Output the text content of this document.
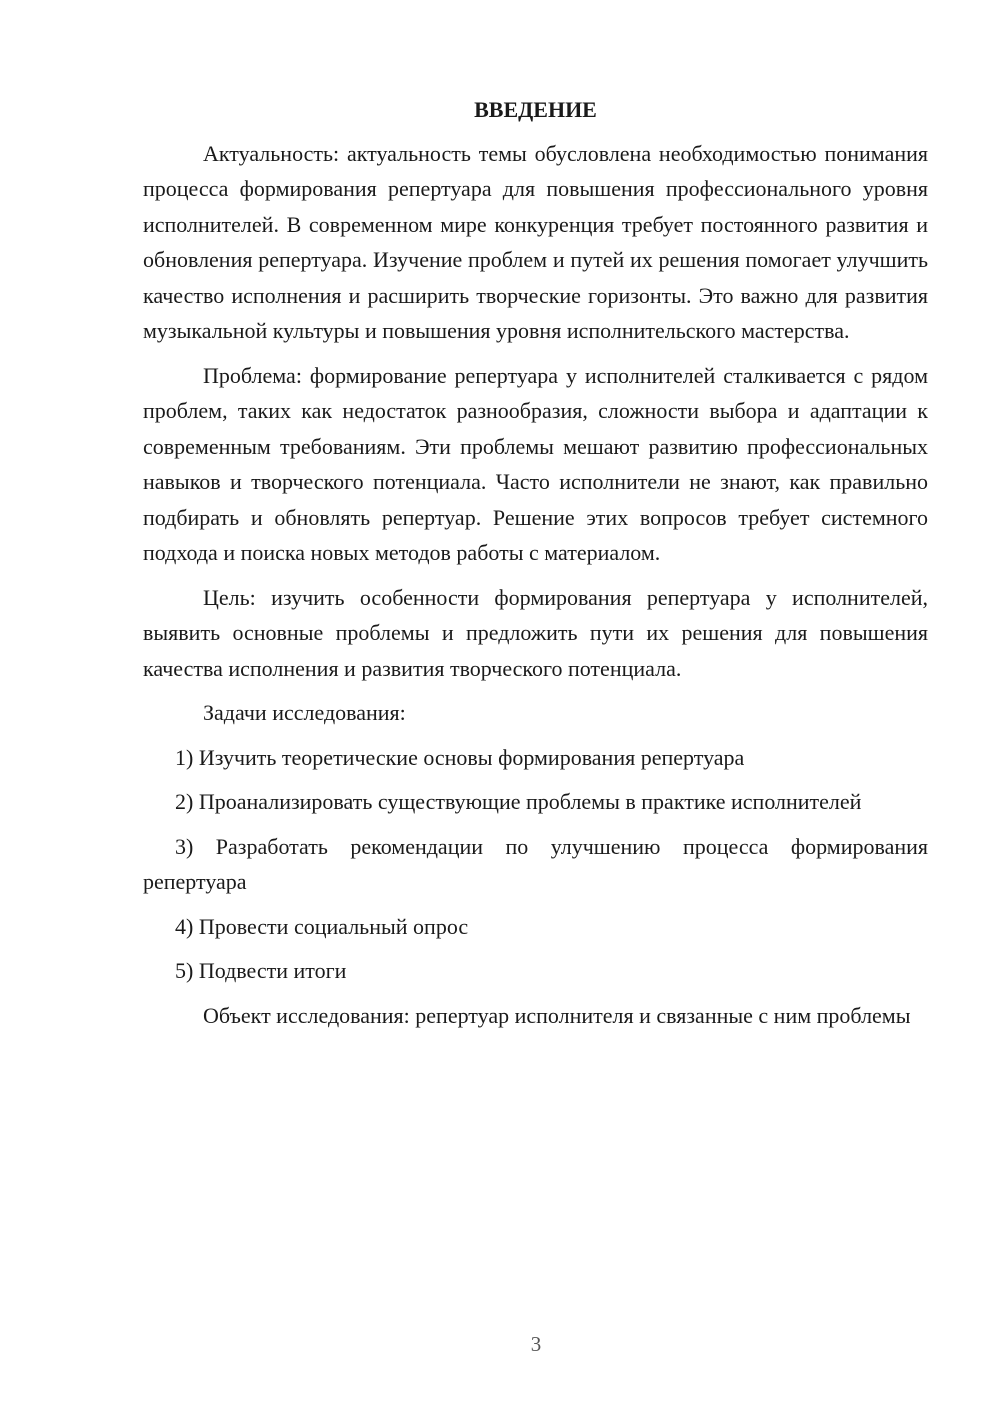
ВВЕДЕНИЕ

Актуальность: актуальность темы обусловлена необходимостью понимания процесса формирования репертуара для повышения профессионального уровня исполнителей. В современном мире конкуренция требует постоянного развития и обновления репертуара. Изучение проблем и путей их решения помогает улучшить качество исполнения и расширить творческие горизонты. Это важно для развития музыкальной культуры и повышения уровня исполнительского мастерства.

Проблема: формирование репертуара у исполнителей сталкивается с рядом проблем, таких как недостаток разнообразия, сложности выбора и адаптации к современным требованиям. Эти проблемы мешают развитию профессиональных навыков и творческого потенциала. Часто исполнители не знают, как правильно подбирать и обновлять репертуар. Решение этих вопросов требует системного подхода и поиска новых методов работы с материалом.

Цель: изучить особенности формирования репертуара у исполнителей, выявить основные проблемы и предложить пути их решения для повышения качества исполнения и развития творческого потенциала.

Задачи исследования:

1) Изучить теоретические основы формирования репертуара

2) Проанализировать существующие проблемы в практике исполнителей

3) Разработать рекомендации по улучшению процесса формирования репертуара

4) Провести социальный опрос

5) Подвести итоги

Объект исследования: репертуар исполнителя и связанные с ним проблемы

3
